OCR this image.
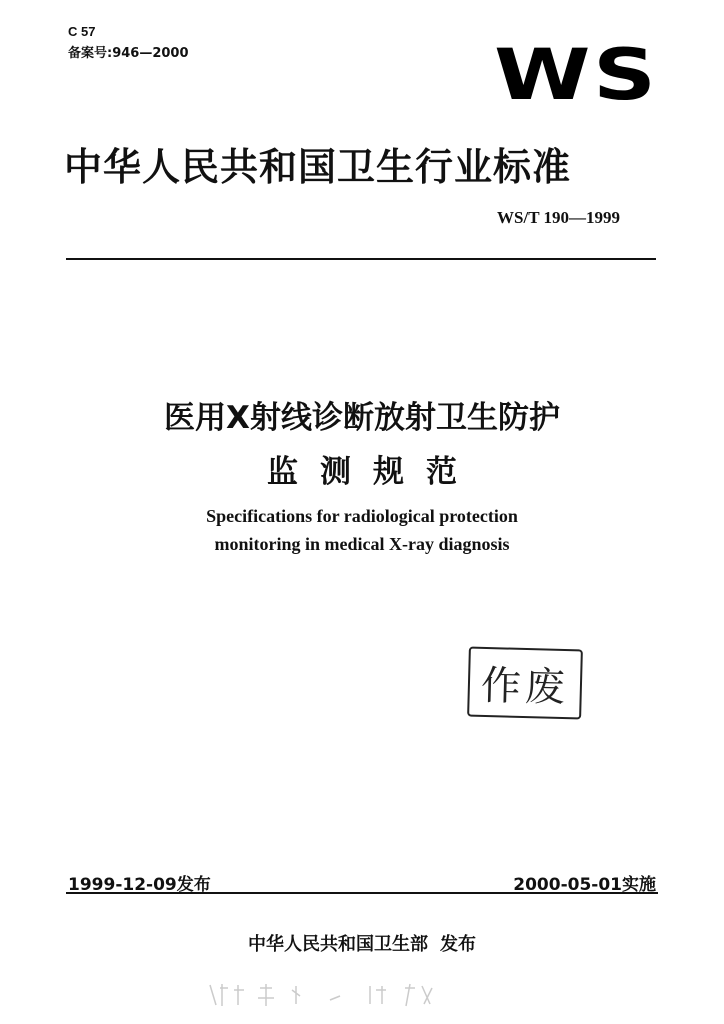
C 57
备案号:946—2000	WS
中华人民共和国卫生行业标准
WS/T 190—1999
医用X射线诊断放射卫生防护
监测规范
Specifications for radiological protection
monitoring in medical X-ray diagnosis
作废
1999-12-09发布	2000-05-01实施
中华人民共和国卫生部 发布
